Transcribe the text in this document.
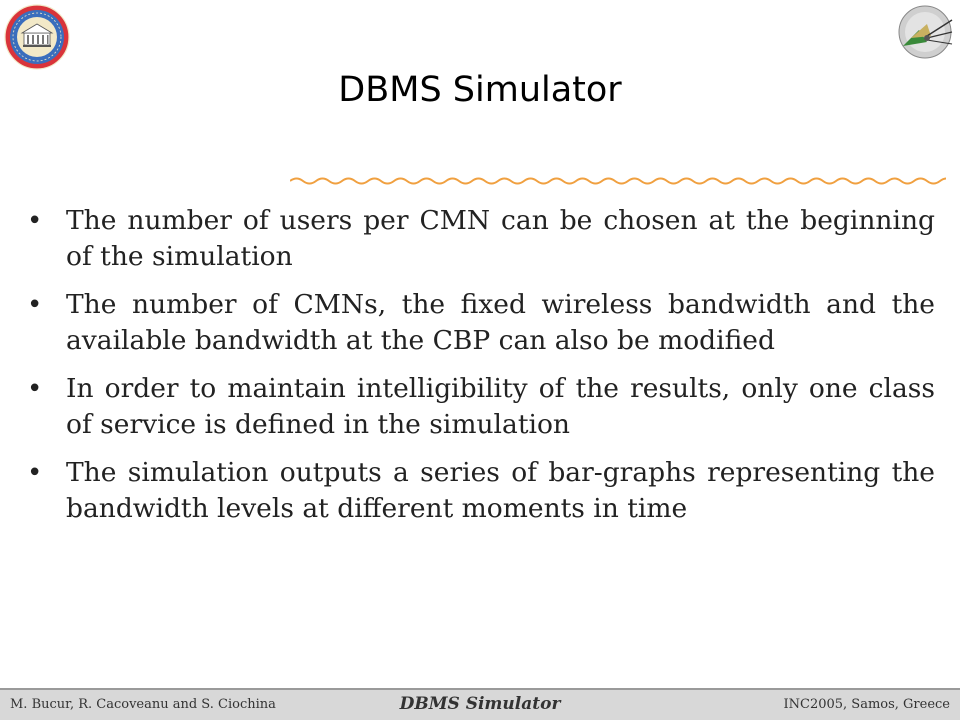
DBMS Simulator
• The number of users per CMN can be chosen at the beginning of the simulation
• The number of CMNs, the fixed wireless bandwidth and the available bandwidth at the CBP can also be modified
• In order to maintain intelligibility of the results, only one class of service is defined in the simulation
• The simulation outputs a series of bar-graphs representing the bandwidth levels at different moments in time
M. Bucur, R. Cacoveanu and S. Ciochina	DBMS Simulator	INC2005, Samos, Greece
